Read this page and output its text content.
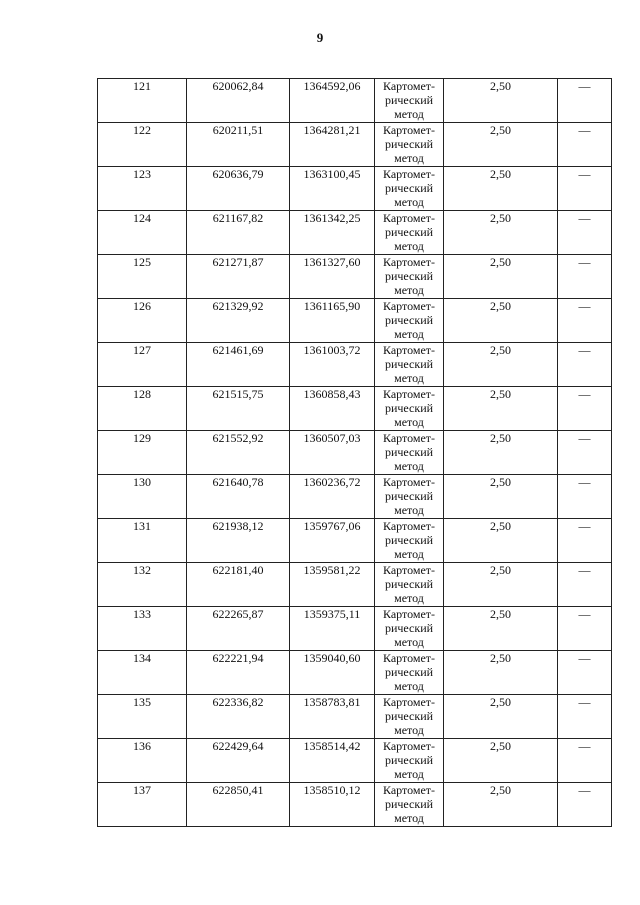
9
121	620062,84	1364592,06	Картомет-
рический
метод	2,50	—
122	620211,51	1364281,21	Картомет-
рический
метод	2,50	—
123	620636,79	1363100,45	Картомет-
рический
метод	2,50	—
124	621167,82	1361342,25	Картомет-
рический
метод	2,50	—
125	621271,87	1361327,60	Картомет-
рический
метод	2,50	—
126	621329,92	1361165,90	Картомет-
рический
метод	2,50	—
127	621461,69	1361003,72	Картомет-
рический
метод	2,50	—
128	621515,75	1360858,43	Картомет-
рический
метод	2,50	—
129	621552,92	1360507,03	Картомет-
рический
метод	2,50	—
130	621640,78	1360236,72	Картомет-
рический
метод	2,50	—
131	621938,12	1359767,06	Картомет-
рический
метод	2,50	—
132	622181,40	1359581,22	Картомет-
рический
метод	2,50	—
133	622265,87	1359375,11	Картомет-
рический
метод	2,50	—
134	622221,94	1359040,60	Картомет-
рический
метод	2,50	—
135	622336,82	1358783,81	Картомет-
рический
метод	2,50	—
136	622429,64	1358514,42	Картомет-
рический
метод	2,50	—
137	622850,41	1358510,12	Картомет-
рический
метод	2,50	—
